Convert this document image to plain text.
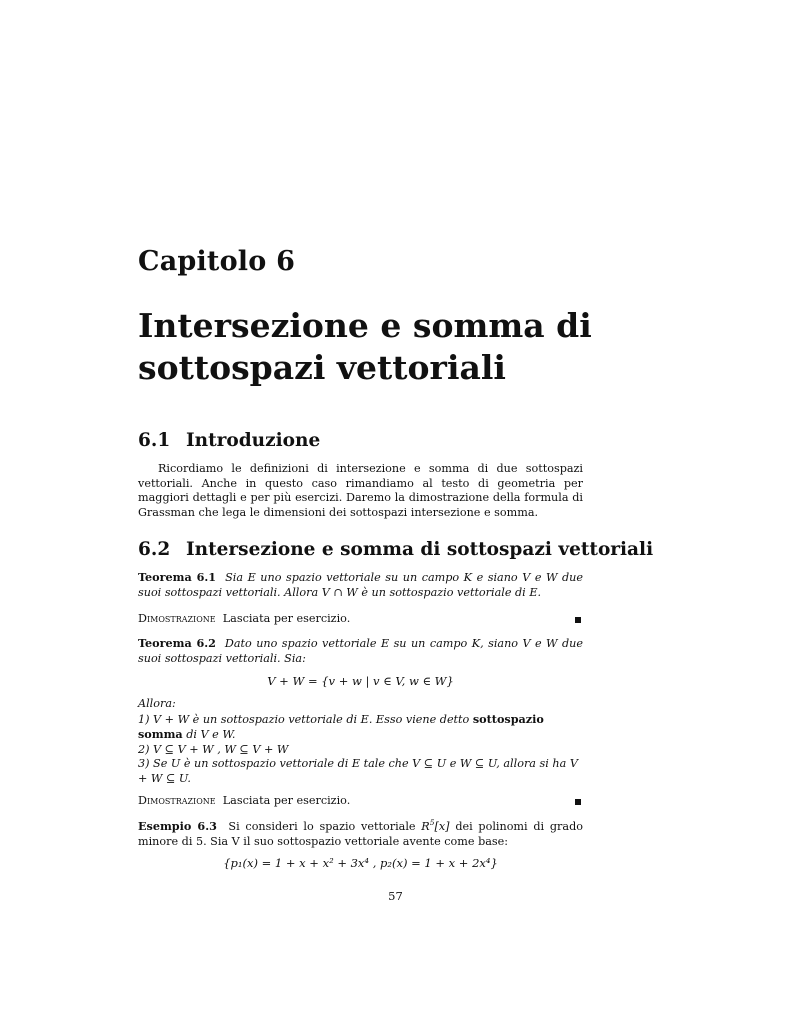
Capitolo 6
Intersezione e somma di
sottospazi vettoriali
6.1 Introduzione
Ricordiamo le definizioni di intersezione e somma di due sottospazi vettoriali. Anche in questo caso rimandiamo al testo di geometria per maggiori dettagli e per più esercizi. Daremo la dimostrazione della formula di Grassman che lega le dimensioni dei sottospazi intersezione e somma.
6.2 Intersezione e somma di sottospazi vettoriali
Teorema 6.1 Sia E uno spazio vettoriale su un campo K e siano V e W due suoi sottospazi vettoriali. Allora V ∩ W è un sottospazio vettoriale di E.
Dimostrazione Lasciata per esercizio.
Teorema 6.2 Dato uno spazio vettoriale E su un campo K, siano V e W due suoi sottospazi vettoriali. Sia:
V + W = {v + w | v ∈ V, w ∈ W}
Allora:
1) V + W è un sottospazio vettoriale di E. Esso viene detto sottospazio somma di V e W.
2) V ⊆ V + W , W ⊆ V + W
3) Se U è un sottospazio vettoriale di E tale che V ⊆ U e W ⊆ U, allora si ha V + W ⊆ U.
Dimostrazione Lasciata per esercizio.
Esempio 6.3 Si consideri lo spazio vettoriale $R^5[x]$ dei polinomi di grado minore di 5. Sia V il suo sottospazio vettoriale avente come base:
{p₁(x) = 1 + x + x² + 3x⁴ , p₂(x) = 1 + x + 2x⁴}
57
